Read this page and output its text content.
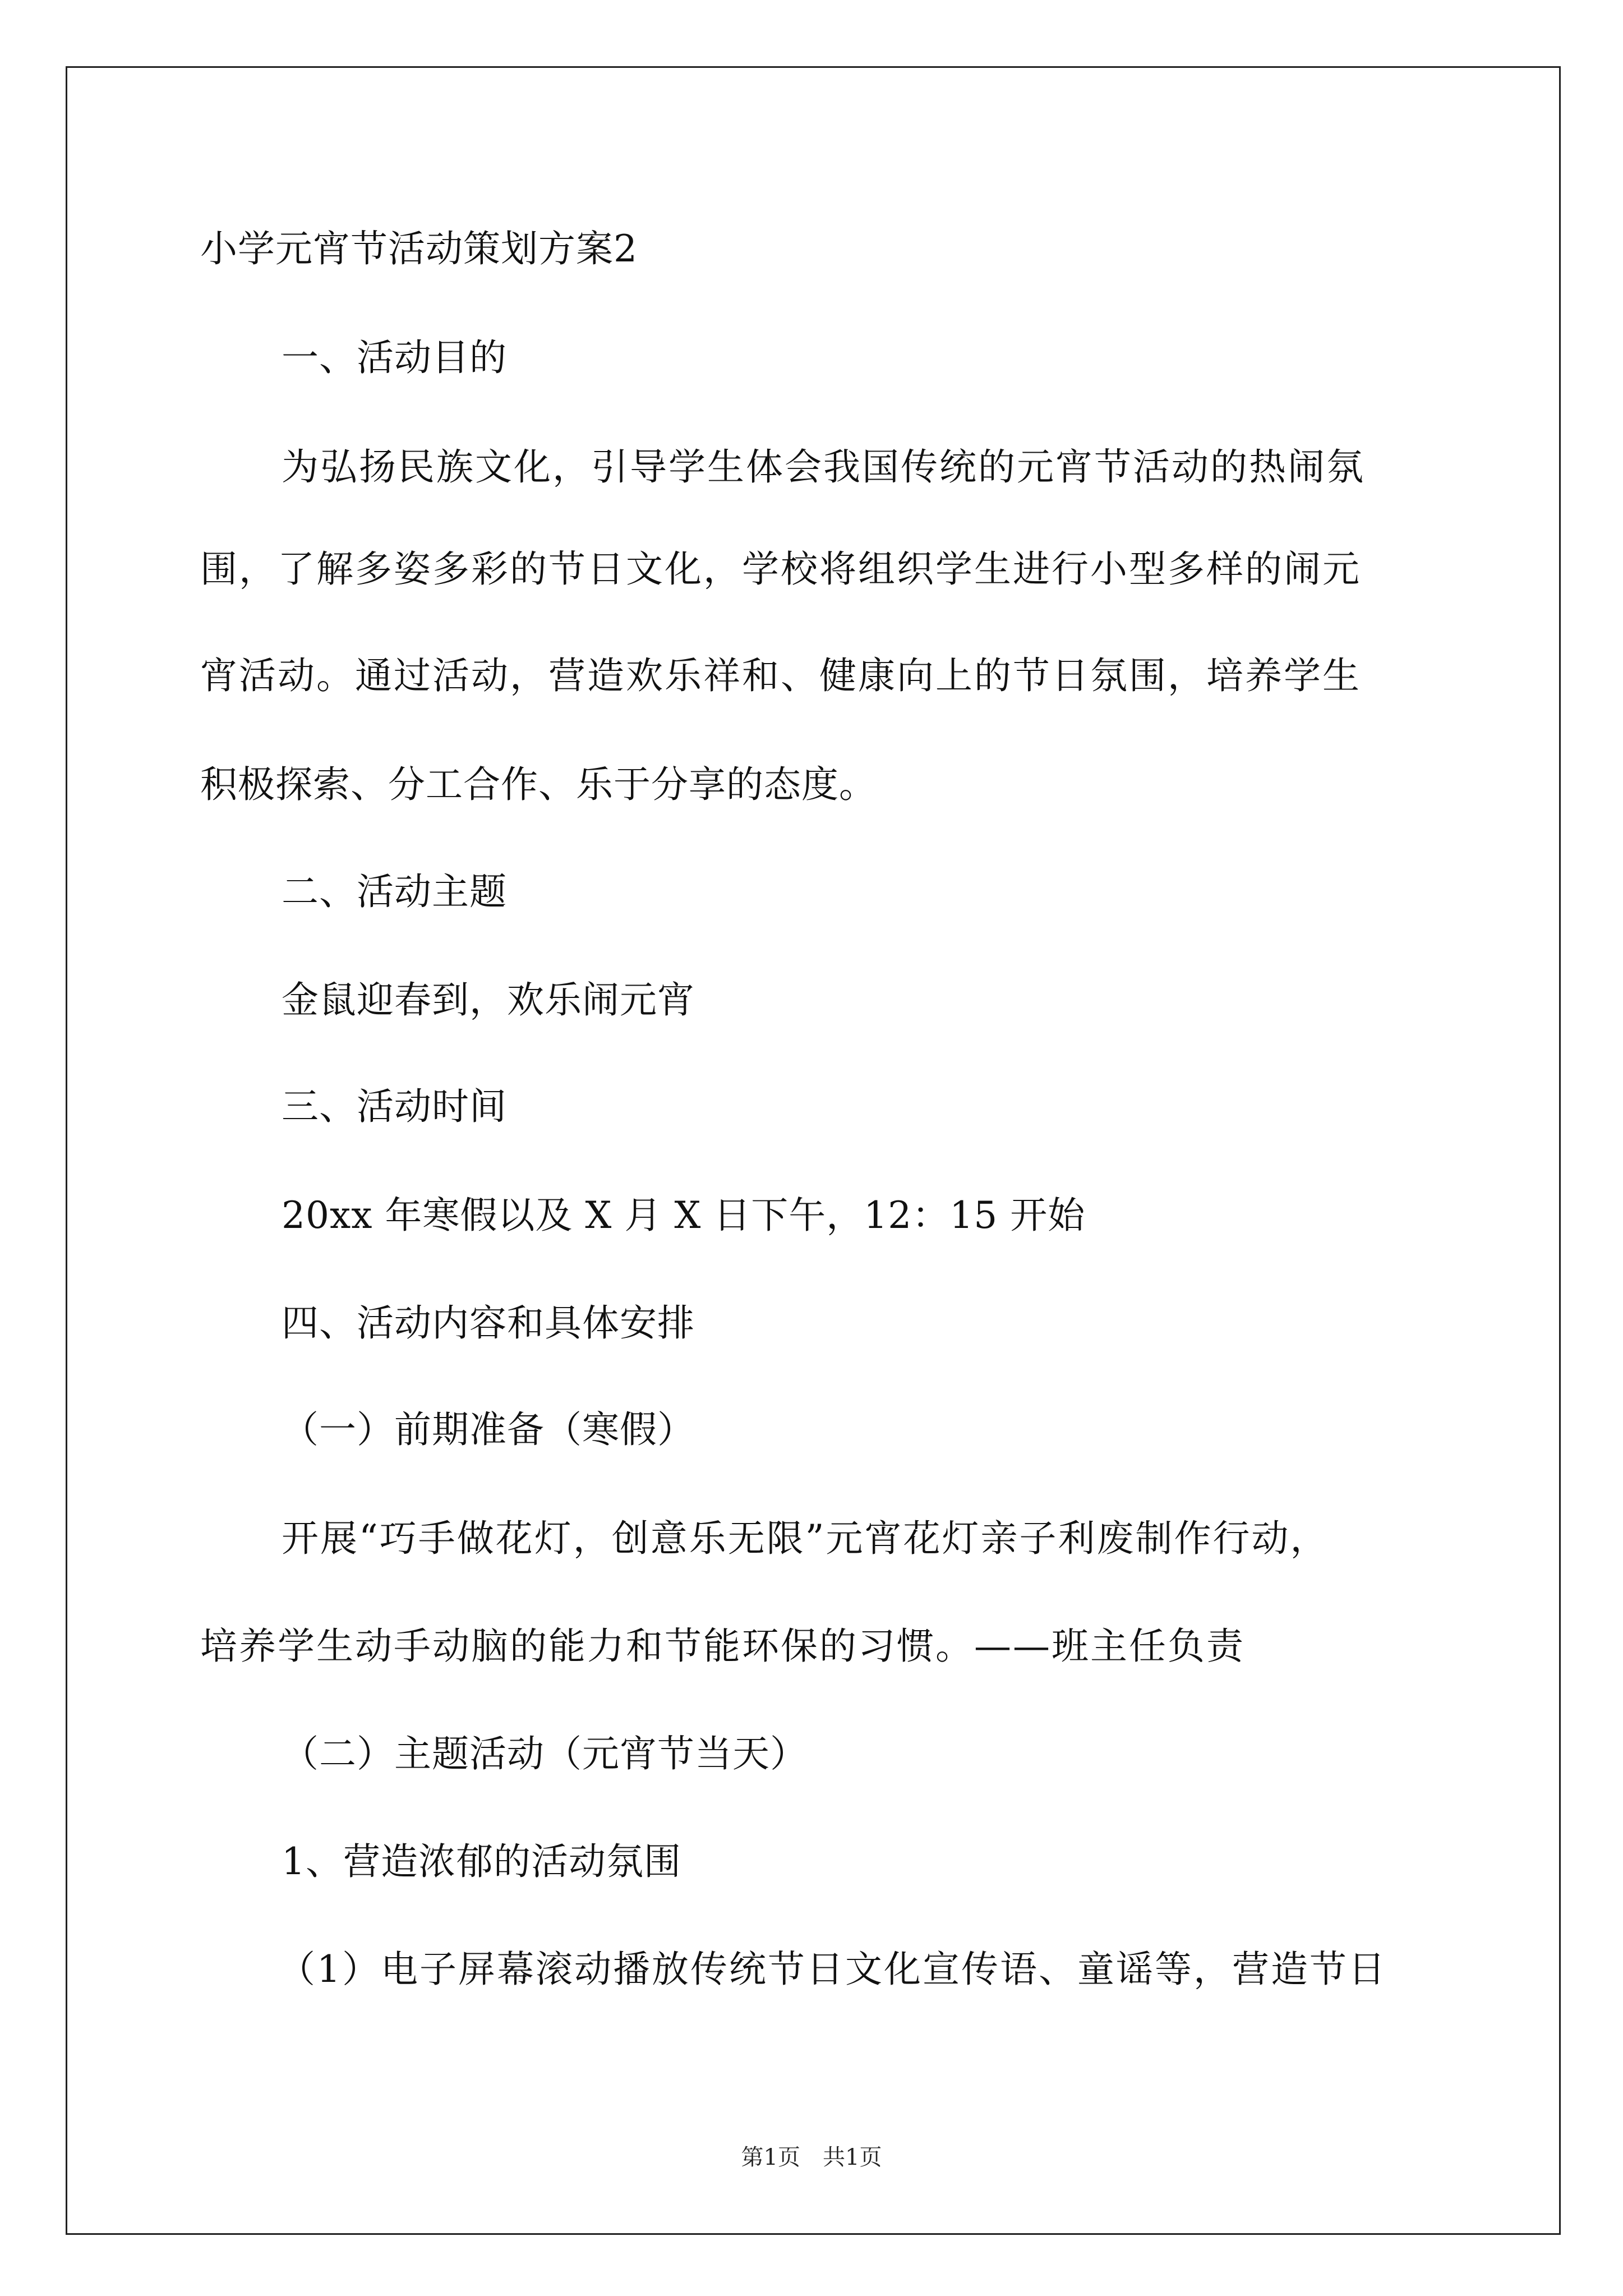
小学元宵节活动策划方案2
一、活动目的
为弘扬民族文化，引导学生体会我国传统的元宵节活动的热闹氛
围，了解多姿多彩的节日文化，学校将组织学生进行小型多样的闹元
宵活动。通过活动，营造欢乐祥和、健康向上的节日氛围，培养学生
积极探索、分工合作、乐于分享的态度。
二、活动主题
金鼠迎春到，欢乐闹元宵
三、活动时间
20xx 年寒假以及 X 月 X 日下午，12：15 开始
四、活动内容和具体安排
（一）前期准备（寒假）
开展“巧手做花灯，创意乐无限”元宵花灯亲子利废制作行动，
培养学生动手动脑的能力和节能环保的习惯。——班主任负责
（二）主题活动（元宵节当天）
1、营造浓郁的活动氛围
（1）电子屏幕滚动播放传统节日文化宣传语、童谣等，营造节日
第1页　共1页
